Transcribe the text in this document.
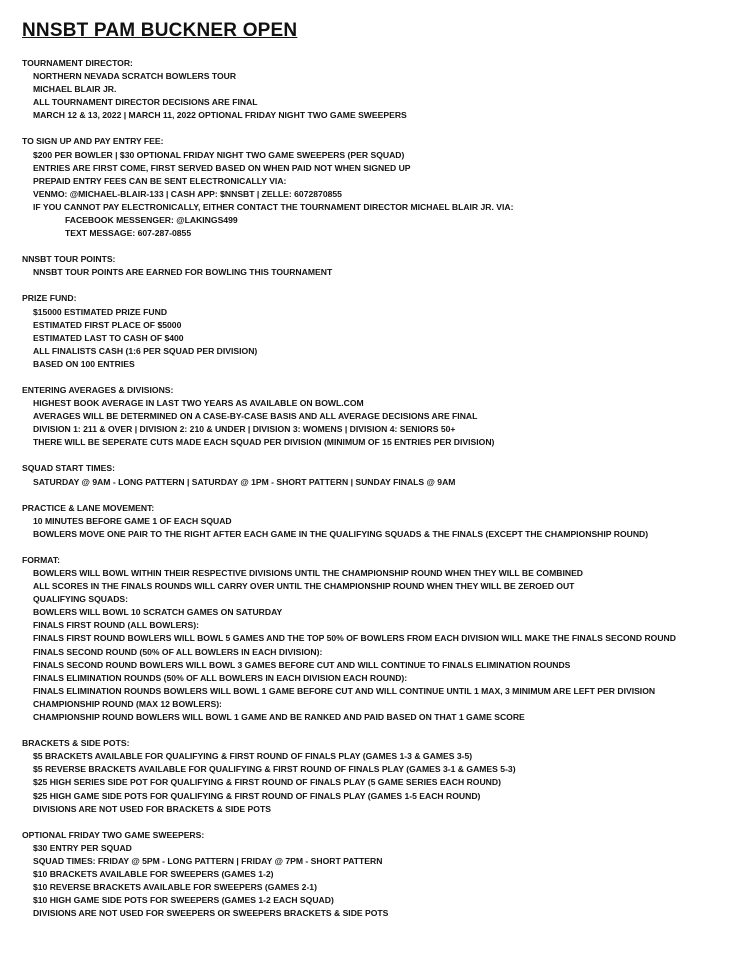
NNSBT PAM BUCKNER OPEN
TOURNAMENT DIRECTOR:
NORTHERN NEVADA SCRATCH BOWLERS TOUR
MICHAEL BLAIR JR.
ALL TOURNAMENT DIRECTOR DECISIONS ARE FINAL
MARCH 12 & 13, 2022 | MARCH 11, 2022 OPTIONAL FRIDAY NIGHT TWO GAME SWEEPERS
TO SIGN UP AND PAY ENTRY FEE:
$200 PER BOWLER | $30 OPTIONAL FRIDAY NIGHT TWO GAME SWEEPERS (PER SQUAD)
ENTRIES ARE FIRST COME, FIRST SERVED BASED ON WHEN PAID NOT WHEN SIGNED UP
PREPAID ENTRY FEES CAN BE SENT ELECTRONICALLY VIA:
VENMO: @MICHAEL-BLAIR-133 | CASH APP: $NNSBT | ZELLE: 6072870855
IF YOU CANNOT PAY ELECTRONICALLY, EITHER CONTACT THE TOURNAMENT DIRECTOR MICHAEL BLAIR JR. VIA:
FACEBOOK MESSENGER: @LAKINGS499
TEXT MESSAGE: 607-287-0855
NNSBT TOUR POINTS:
NNSBT TOUR POINTS ARE EARNED FOR BOWLING THIS TOURNAMENT
PRIZE FUND:
$15000 ESTIMATED PRIZE FUND
ESTIMATED FIRST PLACE OF $5000
ESTIMATED LAST TO CASH OF $400
ALL FINALISTS CASH (1:6 PER SQUAD PER DIVISION)
BASED ON 100 ENTRIES
ENTERING AVERAGES & DIVISIONS:
HIGHEST BOOK AVERAGE IN LAST TWO YEARS AS AVAILABLE ON BOWL.COM
AVERAGES WILL BE DETERMINED ON A CASE-BY-CASE BASIS AND ALL AVERAGE DECISIONS ARE FINAL
DIVISION 1: 211 & OVER | DIVISION 2: 210 & UNDER | DIVISION 3: WOMENS | DIVISION 4: SENIORS 50+
THERE WILL BE SEPERATE CUTS MADE EACH SQUAD PER DIVISION (MINIMUM OF 15 ENTRIES PER DIVISION)
SQUAD START TIMES:
SATURDAY @ 9AM - LONG PATTERN | SATURDAY @ 1PM - SHORT PATTERN | SUNDAY FINALS @ 9AM
PRACTICE & LANE MOVEMENT:
10 MINUTES BEFORE GAME 1 OF EACH SQUAD
BOWLERS MOVE ONE PAIR TO THE RIGHT AFTER EACH GAME IN THE QUALIFYING SQUADS & THE FINALS (EXCEPT THE CHAMPIONSHIP ROUND)
FORMAT:
BOWLERS WILL BOWL WITHIN THEIR RESPECTIVE DIVISIONS UNTIL THE CHAMPIONSHIP ROUND WHEN THEY WILL BE COMBINED
ALL SCORES IN THE FINALS ROUNDS WILL CARRY OVER UNTIL THE CHAMPIONSHIP ROUND WHEN THEY WILL BE ZEROED OUT
QUALIFYING SQUADS:
BOWLERS WILL BOWL 10 SCRATCH GAMES ON SATURDAY
FINALS FIRST ROUND (ALL BOWLERS):
FINALS FIRST ROUND BOWLERS WILL BOWL 5 GAMES AND THE TOP 50% OF BOWLERS FROM EACH DIVISION WILL MAKE THE FINALS SECOND ROUND
FINALS SECOND ROUND (50% OF ALL BOWLERS IN EACH DIVISION):
FINALS SECOND ROUND BOWLERS WILL BOWL 3 GAMES BEFORE CUT AND WILL CONTINUE TO FINALS ELIMINATION ROUNDS
FINALS ELIMINATION ROUNDS (50% OF ALL BOWLERS IN EACH DIVISION EACH ROUND):
FINALS ELIMINATION ROUNDS BOWLERS WILL BOWL 1 GAME BEFORE CUT AND WILL CONTINUE UNTIL 1 MAX, 3 MINIMUM ARE LEFT PER DIVISION
CHAMPIONSHIP ROUND (MAX 12 BOWLERS):
CHAMPIONSHIP ROUND BOWLERS WILL BOWL 1 GAME AND BE RANKED AND PAID BASED ON THAT 1 GAME SCORE
BRACKETS & SIDE POTS:
$5 BRACKETS AVAILABLE FOR QUALIFYING & FIRST ROUND OF FINALS PLAY (GAMES 1-3 & GAMES 3-5)
$5 REVERSE BRACKETS AVAILABLE FOR QUALIFYING & FIRST ROUND OF FINALS PLAY (GAMES 3-1 & GAMES 5-3)
$25 HIGH SERIES SIDE POT FOR QUALIFYING & FIRST ROUND OF FINALS PLAY (5 GAME SERIES EACH ROUND)
$25 HIGH GAME SIDE POTS FOR QUALIFYING & FIRST ROUND OF FINALS PLAY (GAMES 1-5 EACH ROUND)
DIVISIONS ARE NOT USED FOR BRACKETS & SIDE POTS
OPTIONAL FRIDAY TWO GAME SWEEPERS:
$30 ENTRY PER SQUAD
SQUAD TIMES: FRIDAY @ 5PM - LONG PATTERN | FRIDAY @ 7PM - SHORT PATTERN
$10 BRACKETS AVAILABLE FOR SWEEPERS (GAMES 1-2)
$10 REVERSE BRACKETS AVAILABLE FOR SWEEPERS (GAMES 2-1)
$10 HIGH GAME SIDE POTS FOR SWEEPERS (GAMES 1-2 EACH SQUAD)
DIVISIONS ARE NOT USED FOR SWEEPERS OR SWEEPERS BRACKETS & SIDE POTS
